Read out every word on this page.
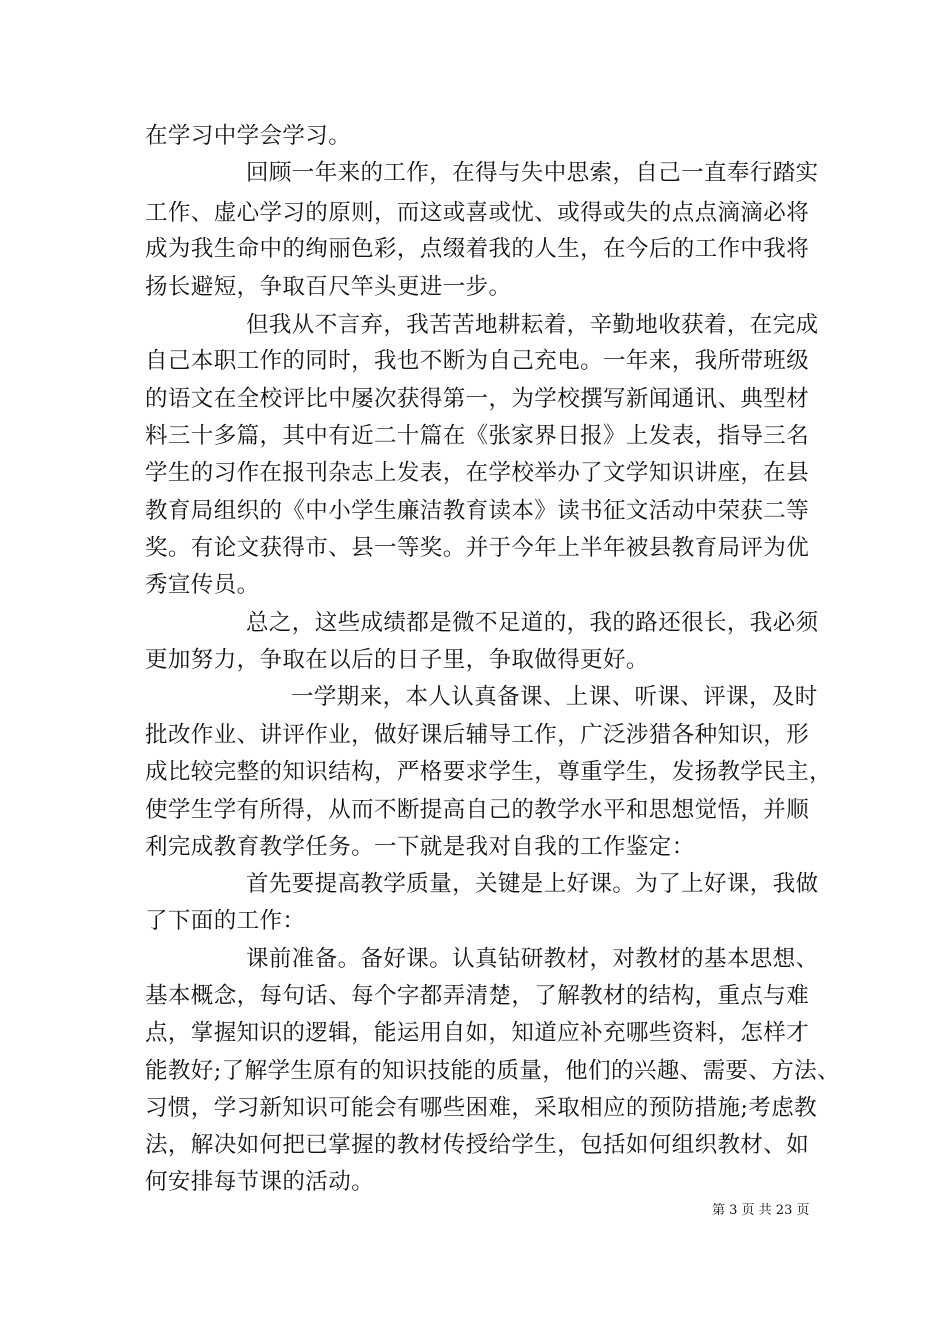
在学习中学会学习。
回顾一年来的工作，在得与失中思索，自己一直奉行踏实
工作、虚心学习的原则，而这或喜或忧、或得或失的点点滴滴必将
成为我生命中的绚丽色彩，点缀着我的人生，在今后的工作中我将
扬长避短，争取百尺竿头更进一步。
但我从不言弃，我苦苦地耕耘着，辛勤地收获着，在完成
自己本职工作的同时，我也不断为自己充电。一年来，我所带班级
的语文在全校评比中屡次获得第一，为学校撰写新闻通讯、典型材
料三十多篇，其中有近二十篇在《张家界日报》上发表，指导三名
学生的习作在报刊杂志上发表，在学校举办了文学知识讲座，在县
教育局组织的《中小学生廉洁教育读本》读书征文活动中荣获二等
奖。有论文获得市、县一等奖。并于今年上半年被县教育局评为优
秀宣传员。
总之，这些成绩都是微不足道的，我的路还很长，我必须
更加努力，争取在以后的日子里，争取做得更好。
一学期来，本人认真备课、上课、听课、评课，及时
批改作业、讲评作业，做好课后辅导工作，广泛涉猎各种知识，形
成比较完整的知识结构，严格要求学生，尊重学生，发扬教学民主，
使学生学有所得，从而不断提高自己的教学水平和思想觉悟，并顺
利完成教育教学任务。一下就是我对自我的工作鉴定：
首先要提高教学质量，关键是上好课。为了上好课，我做
了下面的工作：
课前准备。备好课。认真钻研教材，对教材的基本思想、
基本概念，每句话、每个字都弄清楚，了解教材的结构，重点与难
点，掌握知识的逻辑，能运用自如，知道应补充哪些资料，怎样才
能教好;了解学生原有的知识技能的质量，他们的兴趣、需要、方法、
习惯，学习新知识可能会有哪些困难，采取相应的预防措施;考虑教
法，解决如何把已掌握的教材传授给学生，包括如何组织教材、如
何安排每节课的活动。
第 3 页 共 23 页
